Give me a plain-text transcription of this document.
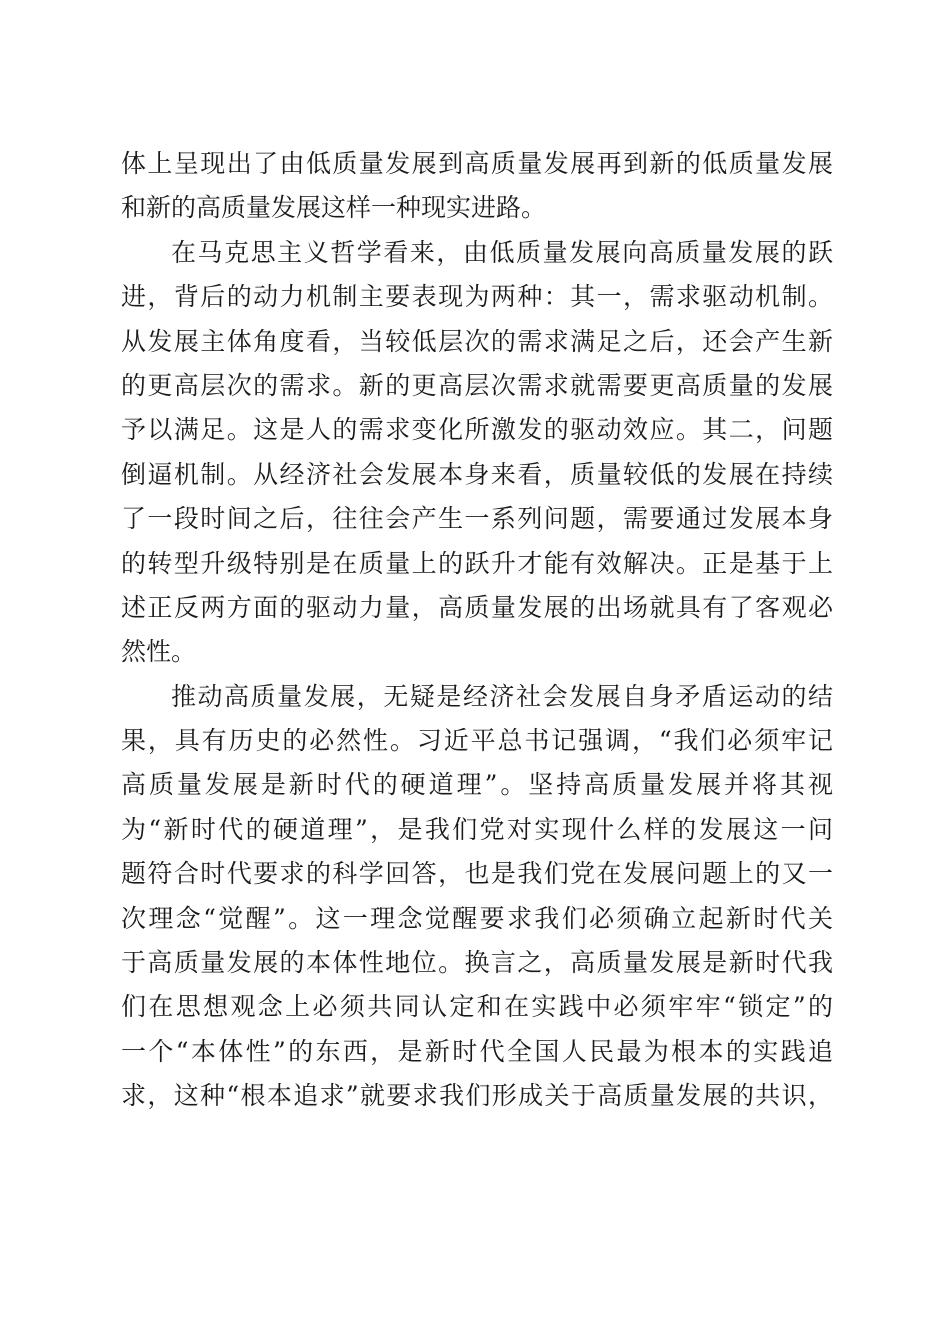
体上呈现出了由低质量发展到高质量发展再到新的低质量发展
和新的高质量发展这样一种现实进路。
在马克思主义哲学看来，由低质量发展向高质量发展的跃
进，背后的动力机制主要表现为两种：其一，需求驱动机制。
从发展主体角度看，当较低层次的需求满足之后，还会产生新
的更高层次的需求。新的更高层次需求就需要更高质量的发展
予以满足。这是人的需求变化所激发的驱动效应。其二，问题
倒逼机制。从经济社会发展本身来看，质量较低的发展在持续
了一段时间之后，往往会产生一系列问题，需要通过发展本身
的转型升级特别是在质量上的跃升才能有效解决。正是基于上
述正反两方面的驱动力量，高质量发展的出场就具有了客观必
然性。
推动高质量发展，无疑是经济社会发展自身矛盾运动的结
果，具有历史的必然性。习近平总书记强调，“我们必须牢记
高质量发展是新时代的硬道理”。坚持高质量发展并将其视
为“新时代的硬道理”，是我们党对实现什么样的发展这一问
题符合时代要求的科学回答，也是我们党在发展问题上的又一
次理念“觉醒”。这一理念觉醒要求我们必须确立起新时代关
于高质量发展的本体性地位。换言之，高质量发展是新时代我
们在思想观念上必须共同认定和在实践中必须牢牢“锁定”的
一个“本体性”的东西，是新时代全国人民最为根本的实践追
求，这种“根本追求”就要求我们形成关于高质量发展的共识，
